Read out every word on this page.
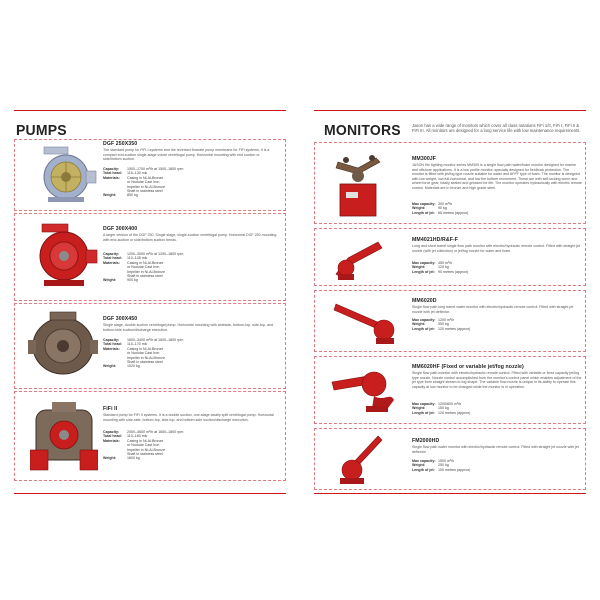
PUMPS
DGF 250X350
The standard pump for FiFi-I systems and the reversed flowrate pump membrane for FiFi systems. It is a compact end-suction single-stage volute centrifugal pump. Horizontal mounting with end suction or side/bottom suction.
Capacity:	1500–1700 m³/h at 1500–1800 rpm
Total head:	115–130 mlc
Materials:	Casing in Ni-Al-Bronze
or Nodular Cast Iron
Impeller in Ni-Al-Bronze
Shaft in stainless steel
Weight:	850 kg
DGF 300X400
A larger version of the DGF 250. Single stage, single-suction centrifugal pump. Horizontal DGF 250 mounting with end-suction or side/bottom suction bends.
Capacity:	1200–3000 m³/h at 1200–1800 rpm
Total head:	110–145 mlc
Materials:	Casing in Ni-Al-Bronze
or Nodular Cast Iron
Impeller in Ni-Al-Bronze
Shaft in stainless steel
Weight:	900 kg
DGF 300X450
Single stage, double suction centrifugal pump. Horizontal mounting with sideside, bottom-top, side-top, and bottom-side suction/discharge execution.
Capacity:	1600–3400 m³/h at 1600–1800 rpm
Total head:	110–170 mlc
Materials:	Casing in Ni-Al-Bronze
or Nodular Cast Iron
Impeller in Ni-Al-Bronze
Shaft in stainless steel
Weight:	1020 kg
FiFi II
Standard pump for FiFi II systems. It is a double suction, one-stage axially split centrifugal pump. Horizontal mounting with side-side, bottom-top, side-top, and bottom-side suction/discharge execution.
Capacity:	2000–4600 m³/h at 1600–1800 rpm
Total head:	110–180 mlc
Materials:	Casing in Ni-Al-Bronze
or Nodular Cast Iron
Impeller in Ni-Al-Bronze
Shaft in stainless steel
Weight:	1600 kg
MONITORS	Jason has a wide range of monitors which cover all class notations FiFi 1/II, FiFi I, FiFi II & FiFi III. All monitors are designed for a long service life with low maintenance requirements.
MM300JF
JASON fire fighting monitor series MM300 is a single flow path water/foam monitor designed for marine and offshore applications. It is a low profile monitor, specially designed for fieldbuck protection. The monitor is fitted with jet/fog type nozzle suitable for water and AFFF type of foam. The monitor is designed with low weight, low full-horizontal, and low fire bottom movement. These are with self-locking worm and wheel force gear, totally sealed and greased for life. The monitor operates hydraulically with electric remote control. Materials are in bronze and high grade steel.
Max capacity: 300 m³/h
Weight:	90 kg
Length of jet: 65 metres (approx)
MM4021HD/R&F-F
Long and short barrel single flow path monitor with electric/hydraulic remote control. Fitted with straight jet nozzle (with jet collection) or jet/fog nozzle for water and foam.
Max capacity: 450 m³/h
Weight:	120 kg
Length of jet: 90 metres (approx)
MM6020D
Single flow path long barrel water monitor with electric/hydraulic remote control. Fitted with straight jet nozzle with jet deflector.
Max capacity: 1200 m³/h
Weight:	350 kg
Length of jet: 120 metres (approx)
MM6020HF (Fixed or variable jet/fog nozzle)
Single flow path monitor with electric/hydraulic remote control. Fitted with variable or fixed capacity jet/fog type nozzle. Nozzle control accomplished from the monitor's control panel which enables adjustment of the jet type from straight stream to fog shape. The variable flow nozzle is unique in its ability to operate this capacity at low monitor to be changed while the monitor is in operation.
Max capacity: 1200/600 m³/h
Weight:	150 kg
Length of jet: 120 metres (approx)
FM2000HD
Single flow path water monitor with electric/hydraulic remote control. Fitted with straight jet nozzle with jet deflector.
Max capacity: 1500 m³/h
Weight:	250 kg
Length of jet: 100 metres (approx)
